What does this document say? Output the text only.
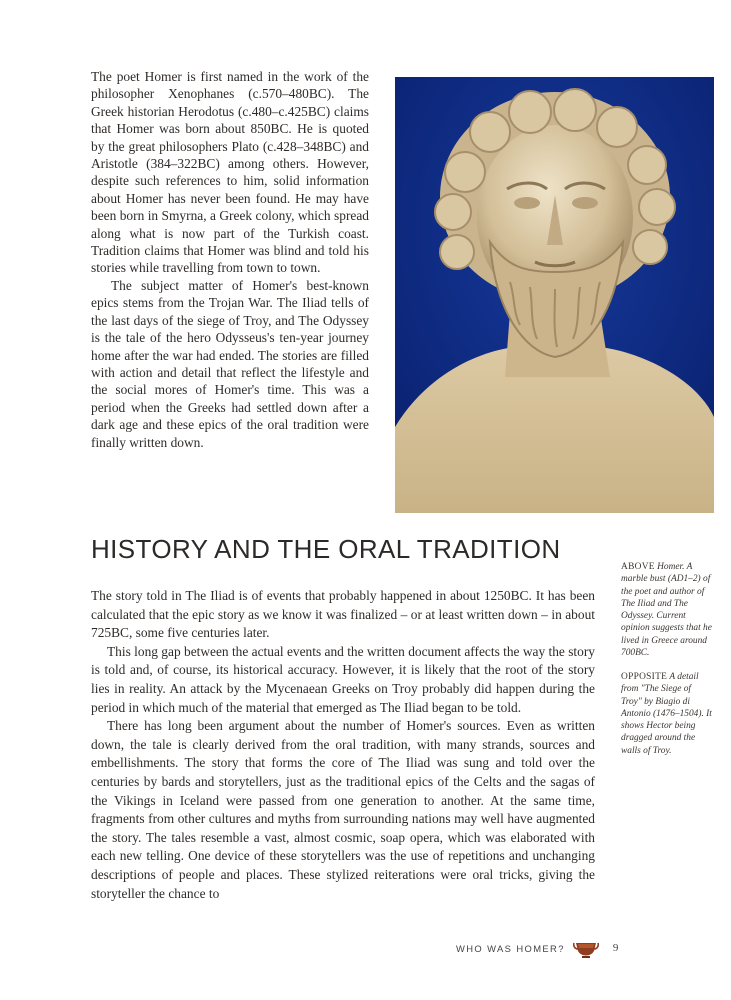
The poet Homer is first named in the work of the philosopher Xenophanes (c.570–480BC). The Greek historian Herodotus (c.480–c.425BC) claims that Homer was born about 850BC. He is quoted by the great philosophers Plato (c.428–348BC) and Aristotle (384–322BC) among others. However, despite such references to him, solid information about Homer has never been found. He may have been born in Smyrna, a Greek colony, which spread along what is now part of the Turkish coast. Tradition claims that Homer was blind and told his stories while travelling from town to town.

The subject matter of Homer's best-known epics stems from the Trojan War. The Iliad tells of the last days of the siege of Troy, and The Odyssey is the tale of the hero Odysseus's ten-year journey home after the war had ended. The stories are filled with action and detail that reflect the lifestyle and the social mores of Homer's time. This was a period when the Greeks had settled down after a dark age and these epics of the oral tradition were finally written down.

HISTORY AND THE ORAL TRADITION

The story told in The Iliad is of events that probably happened in about 1250BC. It has been calculated that the epic story as we know it was finalized – or at least written down – in about 725BC, some five centuries later.

This long gap between the actual events and the written document affects the way the story is told and, of course, its historical accuracy. However, it is likely that the root of the story lies in reality. An attack by the Mycenaean Greeks on Troy probably did happen during the period in which much of the material that emerged as The Iliad began to be told.

There has long been argument about the number of Homer's sources. Even as written down, the tale is clearly derived from the oral tradition, with many strands, sources and embellishments. The story that forms the core of The Iliad was sung and told over the centuries by bards and storytellers, just as the traditional epics of the Celts and the sagas of the Vikings in Iceland were passed from one generation to another. At the same time, fragments from other cultures and myths from surrounding nations may well have augmented the story. The tales resemble a vast, almost cosmic, soap opera, which was elaborated with each new telling. One device of these storytellers was the use of repetitions and unchanging descriptions of people and places. These stylized reiterations were oral tricks, giving the storyteller the chance to

ABOVE Homer. A marble bust (AD1–2) of the poet and author of The Iliad and The Odyssey. Current opinion suggests that he lived in Greece around 700BC.
OPPOSITE A detail from "The Siege of Troy" by Biagio di Antonio (1476–1504). It shows Hector being dragged around the walls of Troy.
WHO WAS HOMER?	9
